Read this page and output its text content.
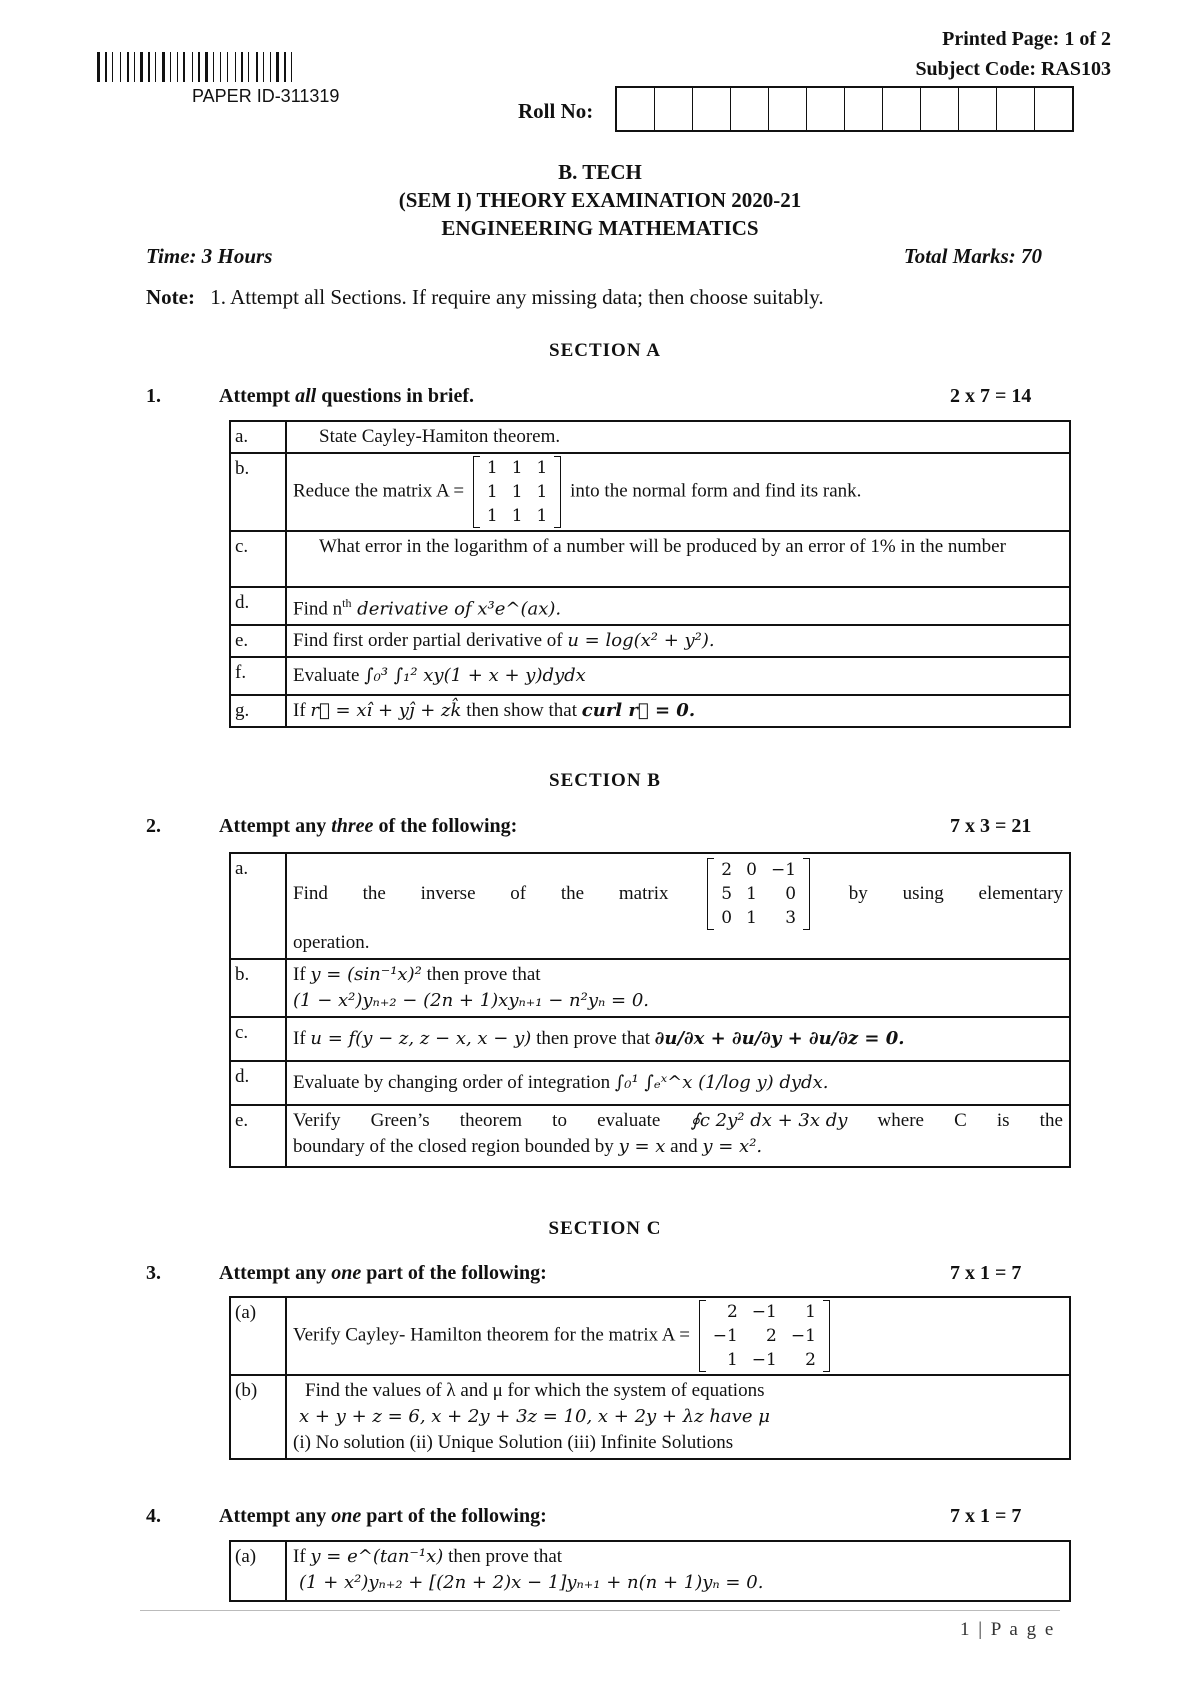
PAPER ID-311319
Printed Page: 1 of 2
Subject Code: RAS103
Roll No:
B. TECH
(SEM I) THEORY EXAMINATION 2020-21
ENGINEERING MATHEMATICS
Time: 3 Hours	Total Marks: 70
Note: 1. Attempt all Sections. If require any missing data; then choose suitably.
SECTION A
1.	Attempt all questions in brief.	2 x 7 = 14
a.	State Cayley-Hamiton theorem.
b.	Reduce the matrix A =
1	1	1
1	1	1
1	1	1
into the normal form and find its rank.
c.	What error in the logarithm of a number will be produced by an error of 1% in the number
d.	Find $n^{th}$ derivative of x³e^(ax).
e.	Find first order partial derivative of u = log(x² + y²).
f.	Evaluate ∫₀³ ∫₁² xy(1 + x + y)dydx
g.	If r⃗ = xî + yĵ + zk̂ then show that curl r⃗ = 0.
SECTION B
2.	Attempt any three of the following:	7 x 3 = 21
a.	
Find the inverse of the matrix
2	0	−1
5	1	0
0	1	3
by using elementary
operation.

b.	If y = (sin⁻¹x)² then prove that
(1 − x²)yₙ₊₂ − (2n + 1)xyₙ₊₁ − n²yₙ = 0.

c.	If u = f(y − z, z − x, x − y) then prove that ∂u/∂x + ∂u/∂y + ∂u/∂z = 0.
d.	Evaluate by changing order of integration ∫₀¹ ∫ₑˣ^x (1/log y) dydx.
e.	Verify Green’s theorem to evaluate ∮c 2y² dx + 3x dy where C is the
boundary of the closed region bounded by y = x and y = x².
SECTION C
3.	Attempt any one part of the following:	7 x 1 = 7
(a)	Verify Cayley- Hamilton theorem for the matrix A =
2	−1	1
−1	2	−1
1	−1	2

(b)	Find the values of λ and μ for which the system of equations
x + y + z = 6, x + 2y + 3z = 10, x + 2y + λz have μ
(i) No solution (ii) Unique Solution (iii) Infinite Solutions
4.	Attempt any one part of the following:	7 x 1 = 7
(a)	If y = e^(tan⁻¹x) then prove that
(1 + x²)yₙ₊₂ + [(2n + 2)x − 1]yₙ₊₁ + n(n + 1)yₙ = 0.
1 | P a g e
